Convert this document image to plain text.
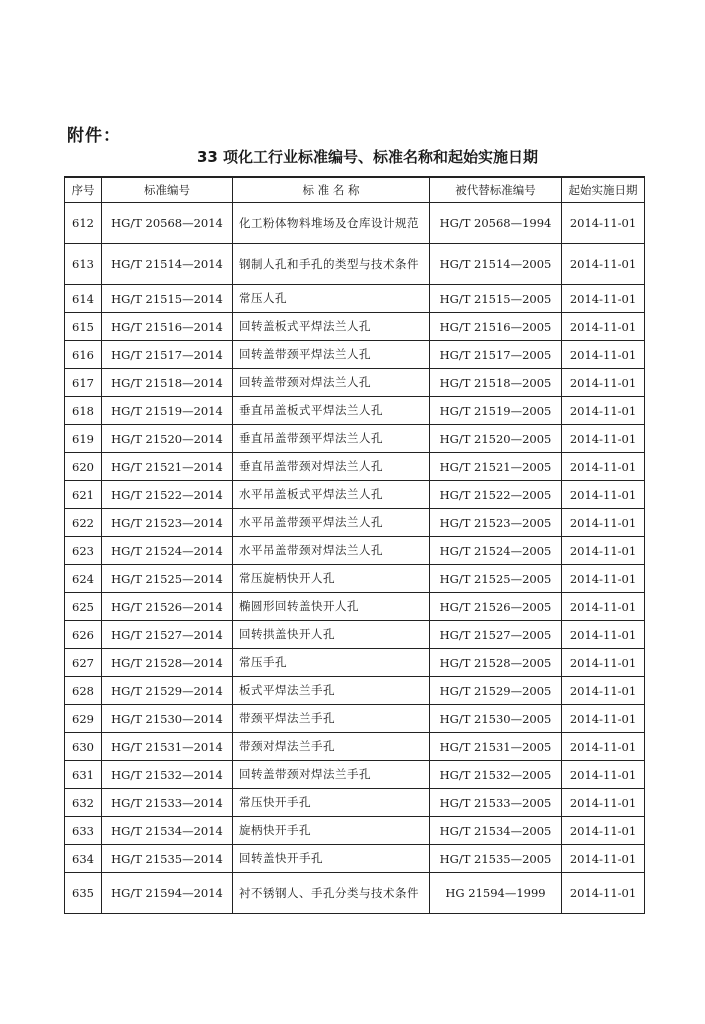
附件：
33 项化工行业标准编号、标准名称和起始实施日期
序号	标准编号	标 准 名 称	被代替标准编号	起始实施日期
612	HG/T 20568—2014	化工粉体物料堆场及仓库设计规范	HG/T 20568—1994	2014-11-01
613	HG/T 21514—2014	钢制人孔和手孔的类型与技术条件	HG/T 21514—2005	2014-11-01
614	HG/T 21515—2014	常压人孔	HG/T 21515—2005	2014-11-01
615	HG/T 21516—2014	回转盖板式平焊法兰人孔	HG/T 21516—2005	2014-11-01
616	HG/T 21517—2014	回转盖带颈平焊法兰人孔	HG/T 21517—2005	2014-11-01
617	HG/T 21518—2014	回转盖带颈对焊法兰人孔	HG/T 21518—2005	2014-11-01
618	HG/T 21519—2014	垂直吊盖板式平焊法兰人孔	HG/T 21519—2005	2014-11-01
619	HG/T 21520—2014	垂直吊盖带颈平焊法兰人孔	HG/T 21520—2005	2014-11-01
620	HG/T 21521—2014	垂直吊盖带颈对焊法兰人孔	HG/T 21521—2005	2014-11-01
621	HG/T 21522—2014	水平吊盖板式平焊法兰人孔	HG/T 21522—2005	2014-11-01
622	HG/T 21523—2014	水平吊盖带颈平焊法兰人孔	HG/T 21523—2005	2014-11-01
623	HG/T 21524—2014	水平吊盖带颈对焊法兰人孔	HG/T 21524—2005	2014-11-01
624	HG/T 21525—2014	常压旋柄快开人孔	HG/T 21525—2005	2014-11-01
625	HG/T 21526—2014	椭圆形回转盖快开人孔	HG/T 21526—2005	2014-11-01
626	HG/T 21527—2014	回转拱盖快开人孔	HG/T 21527—2005	2014-11-01
627	HG/T 21528—2014	常压手孔	HG/T 21528—2005	2014-11-01
628	HG/T 21529—2014	板式平焊法兰手孔	HG/T 21529—2005	2014-11-01
629	HG/T 21530—2014	带颈平焊法兰手孔	HG/T 21530—2005	2014-11-01
630	HG/T 21531—2014	带颈对焊法兰手孔	HG/T 21531—2005	2014-11-01
631	HG/T 21532—2014	回转盖带颈对焊法兰手孔	HG/T 21532—2005	2014-11-01
632	HG/T 21533—2014	常压快开手孔	HG/T 21533—2005	2014-11-01
633	HG/T 21534—2014	旋柄快开手孔	HG/T 21534—2005	2014-11-01
634	HG/T 21535—2014	回转盖快开手孔	HG/T 21535—2005	2014-11-01
635	HG/T 21594—2014	衬不锈钢人、手孔分类与技术条件	HG 21594—1999	2014-11-01
